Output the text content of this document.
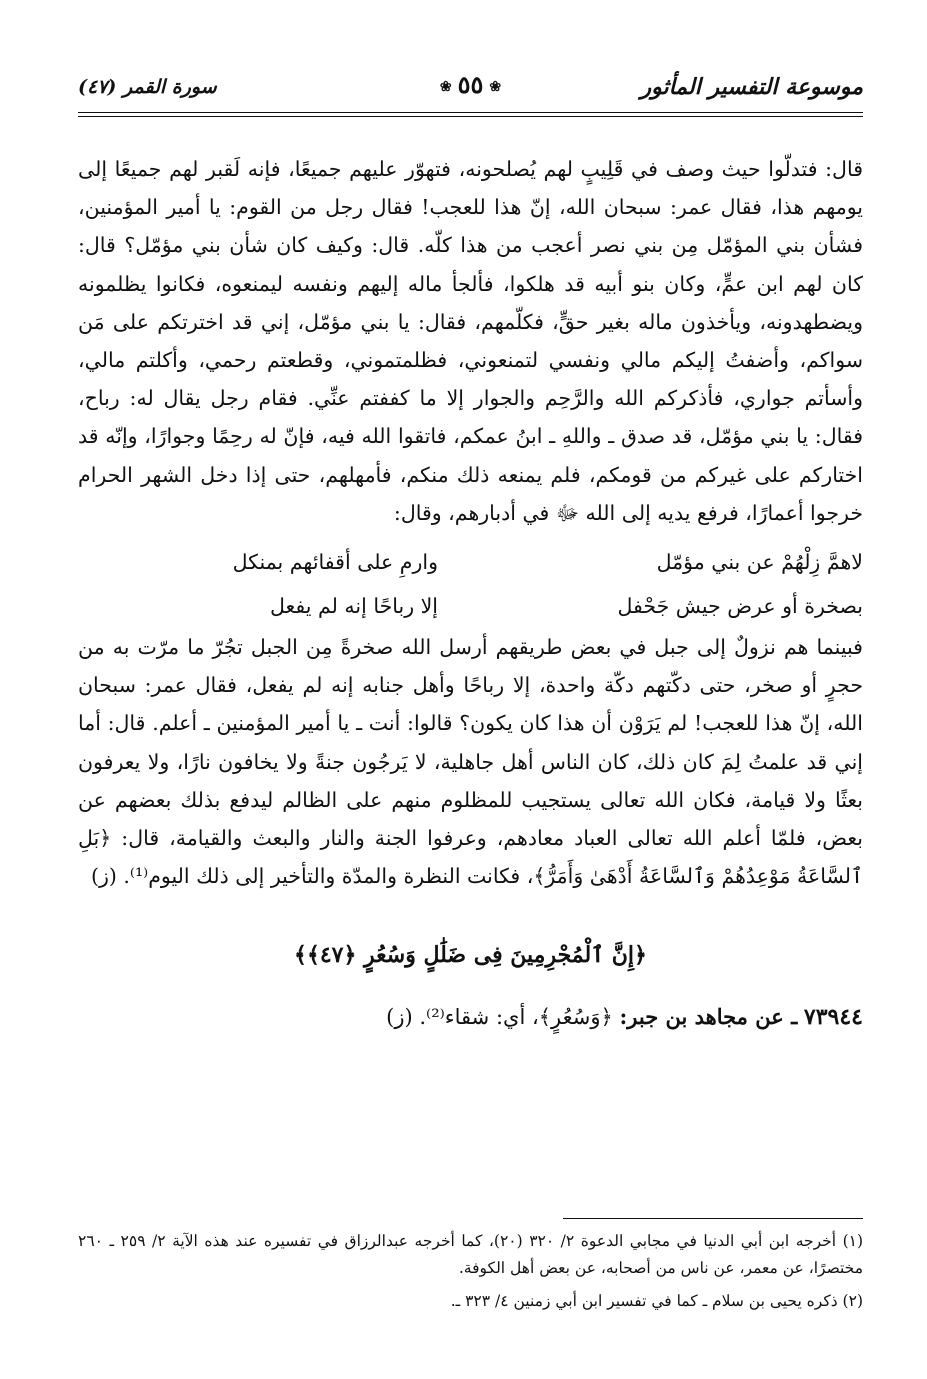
موسوعة التفسير المأثور
❀٥٥❀
سورة القمر (٤٧)

قال: فتدلّوا حيث وصف في قَلِيبٍ لهم يُصلحونه، فتهوّر عليهم جميعًا، فإنه لَقبر لهم جميعًا إلى يومهم هذا، فقال عمر: سبحان الله، إنّ هذا للعجب! فقال رجل من القوم: يا أمير المؤمنين، فشأن بني المؤمّل مِن بني نصر أعجب من هذا كلّه. قال: وكيف كان شأن بني مؤمّل؟ قال: كان لهم ابن عمٍّ، وكان بنو أبيه قد هلكوا، فألجأ ماله إليهم ونفسه ليمنعوه، فكانوا يظلمونه ويضطهدونه، ويأخذون ماله بغير حقٍّ، فكلّمهم، فقال: يا بني مؤمّل، إني قد اخترتكم على مَن سواكم، وأضفتُ إليكم مالي ونفسي لتمنعوني، فظلمتموني، وقطعتم رحمي، وأكلتم مالي، وأسأتم جواري، فأذكركم الله والرَّحِم والجوار إلا ما كففتم عنِّي. فقام رجل يقال له: رباح، فقال: يا بني مؤمّل، قد صدق ـ واللهِ ـ ابنُ عمكم، فاتقوا الله فيه، فإنّ له رحِمًا وجوارًا، وإنّه قد اختاركم على غيركم من قومكم، فلم يمنعه ذلك منكم، فأمهلهم، حتى إذا دخل الشهر الحرام خرجوا أعمارًا، فرفع يديه إلى الله ﷻ في أدبارهم، وقال:

لاهمَّ زِلْهُمْ عن بني مؤمّل
وارمِ على أقفائهم بمنكل
بصخرة أو عرض جيش جَحْفل
إلا رباحًا إنه لم يفعل

فبينما هم نزولٌ إلى جبل في بعض طريقهم أرسل الله صخرةً مِن الجبل تجُرّ ما مرّت به من حجرٍ أو صخر، حتى دكّتهم دكّة واحدة، إلا رباحًا وأهل جنابه إنه لم يفعل، فقال عمر: سبحان الله، إنّ هذا للعجب! لم يَرَوْن أن هذا كان يكون؟ قالوا: أنت ـ يا أمير المؤمنين ـ أعلم. قال: أما إني قد علمتُ لِمَ كان ذلك، كان الناس أهل جاهلية، لا يَرجُون جنةً ولا يخافون نارًا، ولا يعرفون بعثًا ولا قيامة، فكان الله تعالى يستجيب للمظلوم منهم على الظالم ليدفع بذلك بعضهم عن بعض، فلمّا أعلم الله تعالى العباد معادهم، وعرفوا الجنة والنار والبعث والقيامة، قال: ﴿بَلِ ٱلسَّاعَةُ مَوْعِدُهُمْ وَٱلسَّاعَةُ أَدْهَىٰ وَأَمَرُّ﴾، فكانت النظرة والمدّة والتأخير إلى ذلك اليوم⁽¹⁾. (ز)

﴿إِنَّ ٱلْمُجْرِمِينَ فِى ضَلَٰلٍ وَسُعُرٍ ﴿٤٧﴾﴾
٧٣٩٤٤ ـ عن مجاهد بن جبر: ﴿وَسُعُرٍ﴾، أي: شقاء⁽²⁾. (ز)

(١) أخرجه ابن أبي الدنيا في مجابي الدعوة ٢/ ٣٢٠ (٢٠)، كما أخرجه عبدالرزاق في تفسيره عند هذه الآية ٢/ ٢٥٩ ـ ٢٦٠ مختصرًا، عن معمر، عن ناس من أصحابه، عن بعض أهل الكوفة.

(٢) ذكره يحيى بن سلام ـ كما في تفسير ابن أبي زمنين ٤/ ٣٢٣ ـ.
